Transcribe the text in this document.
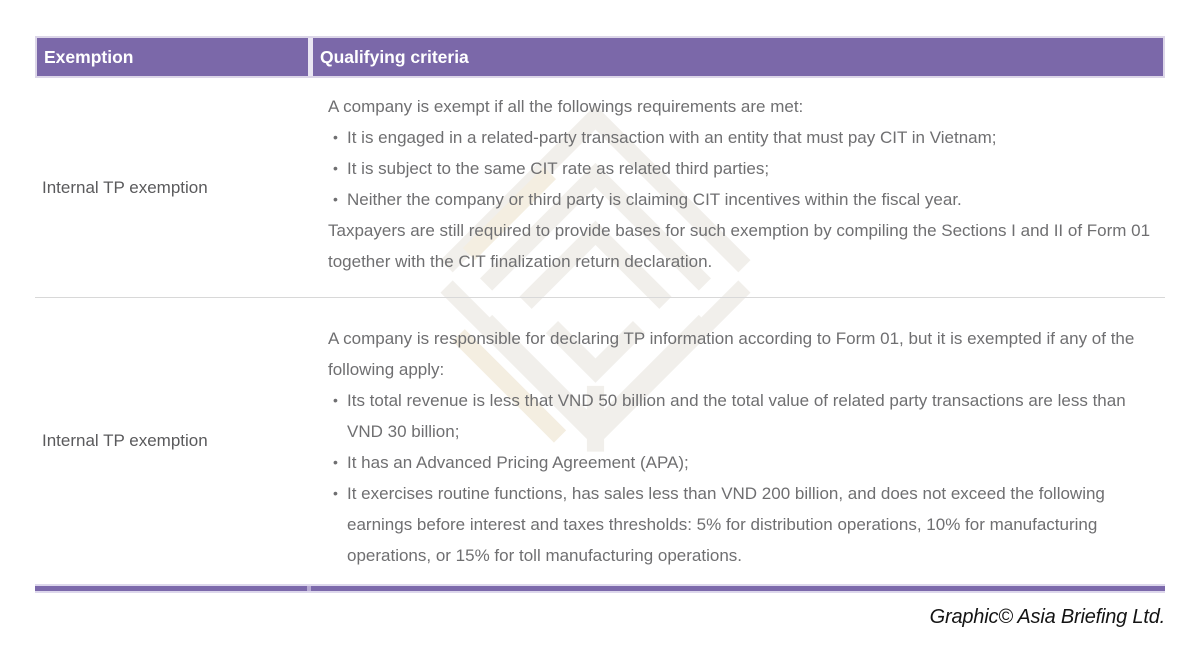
Exemption	Qualifying criteria
Internal TP exemption
A company is exempt if all the followings requirements are met:
• It is engaged in a related-party transaction with an entity that must pay CIT in Vietnam;
• It is subject to the same CIT rate as related third parties;
• Neither the company or third party is claiming CIT incentives within the fiscal year.
Taxpayers are still required to provide bases for such exemption by compiling the Sections I and II of Form 01 together with the CIT finalization return declaration.
Internal TP exemption
A company is responsible for declaring TP information according to Form 01, but it is exempted if any of the following apply:
• Its total revenue is less that VND 50 billion and the total value of related party transactions are less than VND 30 billion;
• It has an Advanced Pricing Agreement (APA);
• It exercises routine functions, has sales less than VND 200 billion, and does not exceed the following earnings before interest and taxes thresholds: 5% for distribution operations, 10% for manufacturing operations, or 15% for toll manufacturing operations.
Graphic© Asia Briefing Ltd.
